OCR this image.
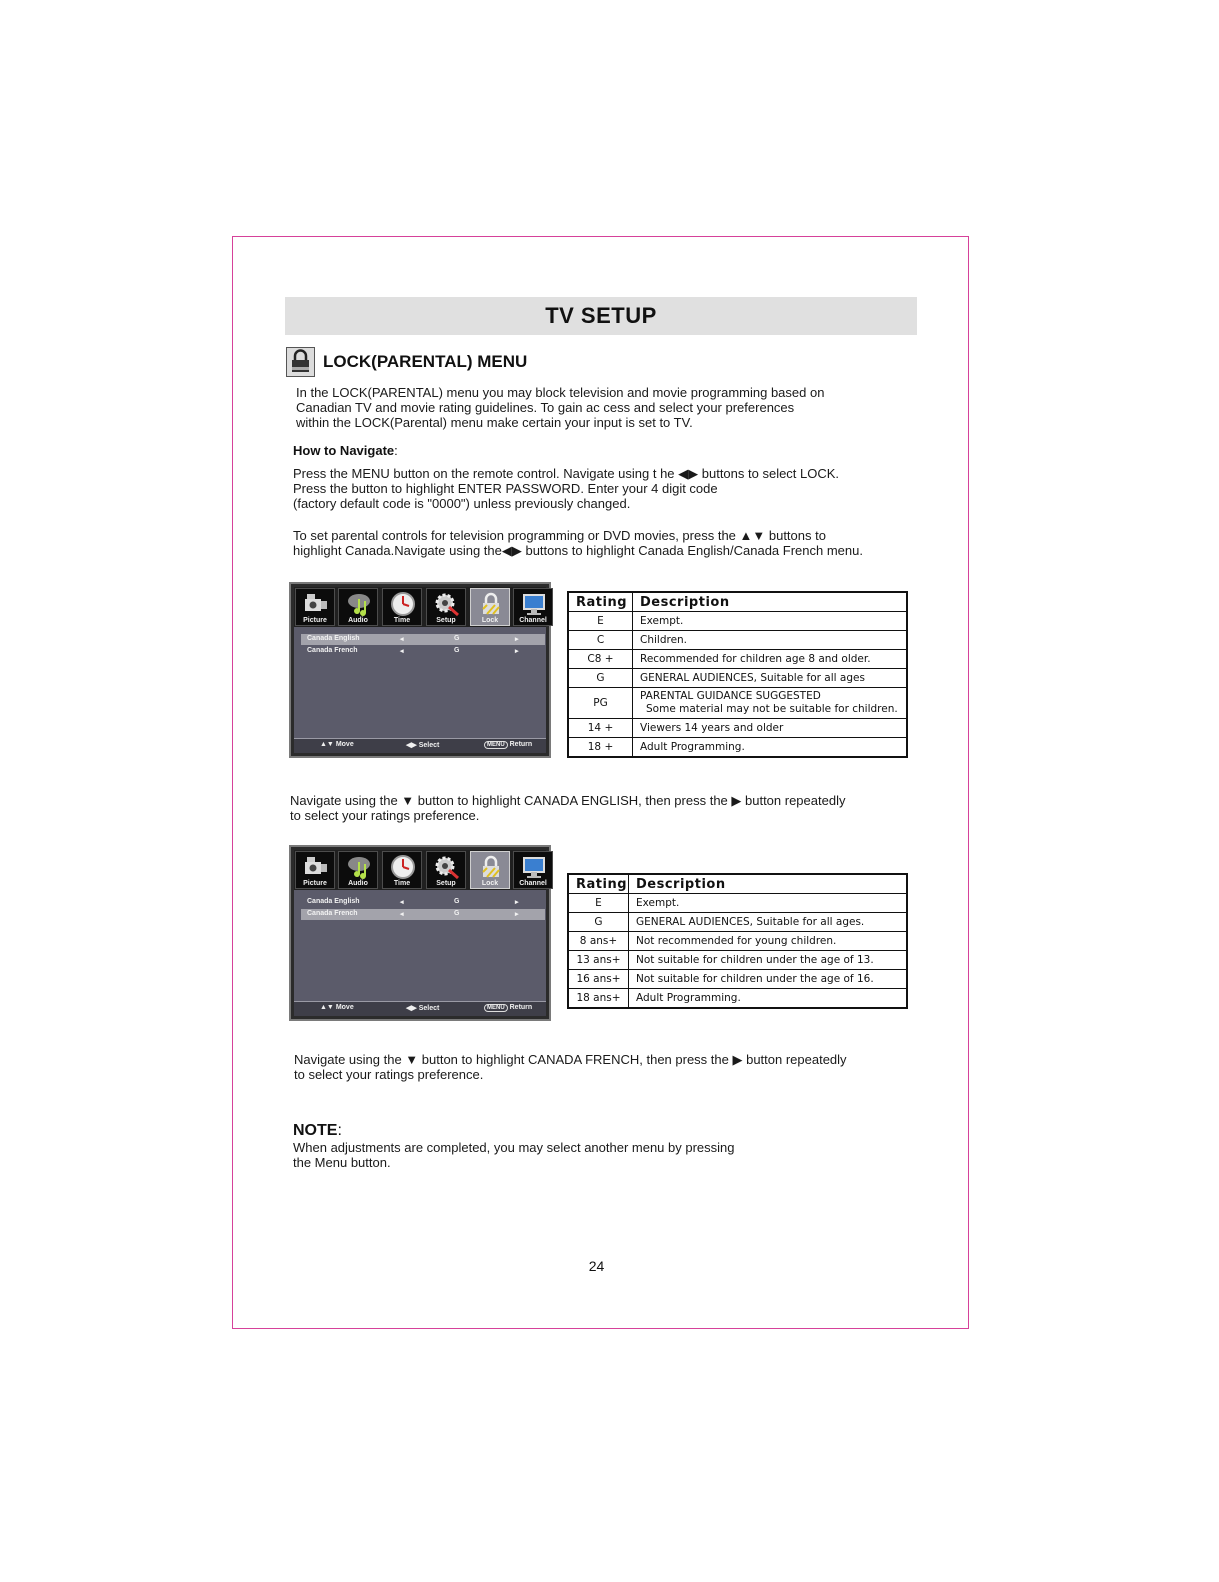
TV SETUP
LOCK(PARENTAL) MENU
In the LOCK(PARENTAL) menu you may block television and movie programming based on
Canadian TV and movie rating guidelines. To gain ac cess and select your preferences
within the LOCK(Parental) menu make certain your input is set to TV.
How to Navigate:
Press the MENU button on the remote control. Navigate using t he ◀▶ buttons to select LOCK.
Press the button to highlight ENTER PASSWORD. Enter your 4 digit code
(factory default code is "0000") unless previously changed.
To set parental controls for television programming or DVD movies, press the ▲▼ buttons to
highlight Canada.Navigate using the◀▶ buttons to highlight Canada English/Canada French menu.
Picture	Audio	Time	Setup	Lock	Channel
Canada English	◂	G	▸
Canada French	◂	G	▸
▲▼ Move	◀▶ Select	MENU Return
Rating	Description
E	Exempt.
C	Children.
C8 +	Recommended for children age 8 and older.
G	GENERAL AUDIENCES, Suitable for all ages
PG	PARENTAL GUIDANCE SUGGESTED
Some material may not be suitable for children.

14 +	Viewers 14 years and older
18 +	Adult Programming.
Navigate using the ▼ button to highlight CANADA ENGLISH, then press the ▶ button repeatedly
to select your ratings preference.
Picture	Audio	Time	Setup	Lock	Channel
Canada English	◂	G	▸
Canada French	◂	G	▸
▲▼ Move	◀▶ Select	MENU Return
Rating	Description
E	Exempt.
G	GENERAL AUDIENCES, Suitable for all ages.
8 ans+	Not recommended for young children.
13 ans+	Not suitable for children under the age of 13.
16 ans+	Not suitable for children under the age of 16.
18 ans+	Adult Programming.
Navigate using the ▼ button to highlight CANADA FRENCH, then press the ▶ button repeatedly
to select your ratings preference.
NOTE:
When adjustments are completed, you may select another menu by pressing
the Menu button.
24
